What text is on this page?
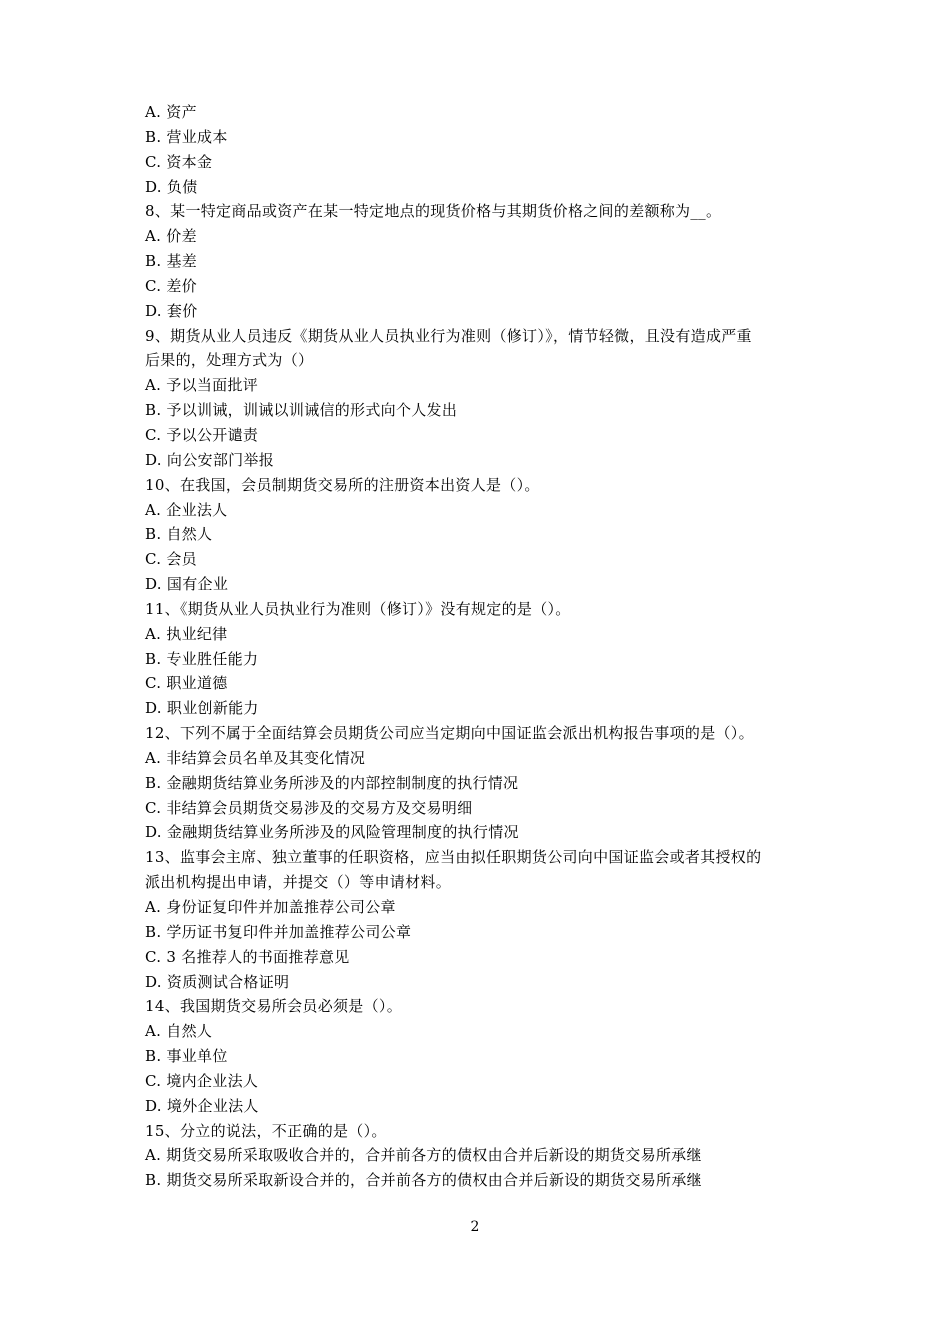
A. 资产
B. 营业成本
C. 资本金
D. 负债
8、某一特定商品或资产在某一特定地点的现货价格与其期货价格之间的差额称为__。
A. 价差
B. 基差
C. 差价
D. 套价
9、期货从业人员违反《期货从业人员执业行为准则（修订）》，情节轻微，且没有造成严重
后果的，处理方式为（）
A. 予以当面批评
B. 予以训诫，训诫以训诫信的形式向个人发出
C. 予以公开谴责
D. 向公安部门举报
10、在我国，会员制期货交易所的注册资本出资人是（）。
A. 企业法人
B. 自然人
C. 会员
D. 国有企业
11、《期货从业人员执业行为准则（修订）》没有规定的是（）。
A. 执业纪律
B. 专业胜任能力
C. 职业道德
D. 职业创新能力
12、下列不属于全面结算会员期货公司应当定期向中国证监会派出机构报告事项的是（）。
A. 非结算会员名单及其变化情况
B. 金融期货结算业务所涉及的内部控制制度的执行情况
C. 非结算会员期货交易涉及的交易方及交易明细
D. 金融期货结算业务所涉及的风险管理制度的执行情况
13、监事会主席、独立董事的任职资格，应当由拟任职期货公司向中国证监会或者其授权的
派出机构提出申请，并提交（）等申请材料。
A. 身份证复印件并加盖推荐公司公章
B. 学历证书复印件并加盖推荐公司公章
C. 3 名推荐人的书面推荐意见
D. 资质测试合格证明
14、我国期货交易所会员必须是（）。
A. 自然人
B. 事业单位
C. 境内企业法人
D. 境外企业法人
15、分立的说法，不正确的是（）。
A. 期货交易所采取吸收合并的，合并前各方的债权由合并后新设的期货交易所承继
B. 期货交易所采取新设合并的，合并前各方的债权由合并后新设的期货交易所承继
2
